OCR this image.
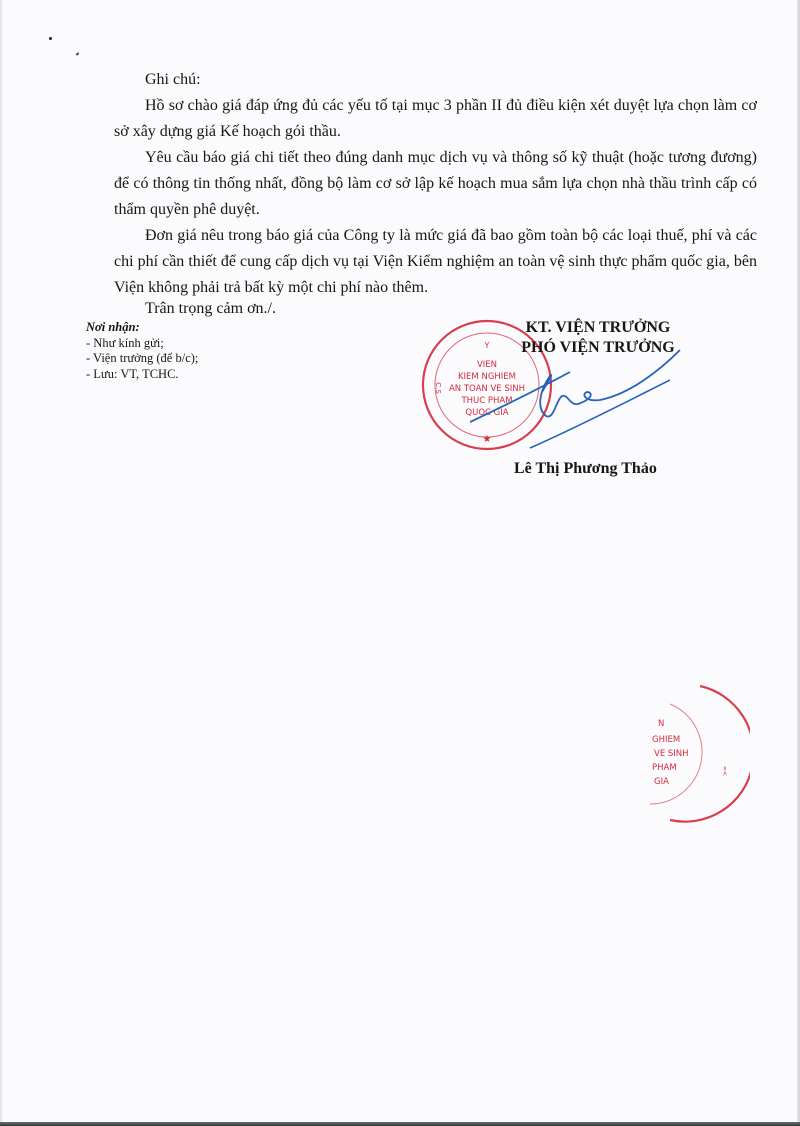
Ghi chú:
Hồ sơ chào giá đáp ứng đủ các yếu tố tại mục 3 phần II đủ điều kiện xét duyệt lựa chọn làm cơ sở xây dựng giá Kế hoạch gói thầu.
Yêu cầu báo giá chi tiết theo đúng danh mục dịch vụ và thông số kỹ thuật (hoặc tương đương) để có thông tin thống nhất, đồng bộ làm cơ sở lập kế hoạch mua sắm lựa chọn nhà thầu trình cấp có thẩm quyền phê duyệt.
Đơn giá nêu trong báo giá của Công ty là mức giá đã bao gồm toàn bộ các loại thuế, phí và các chi phí cần thiết để cung cấp dịch vụ tại Viện Kiểm nghiệm an toàn vệ sinh thực phẩm quốc gia, bên Viện không phải trả bất kỳ một chi phí nào thêm.
Trân trọng cảm ơn./.
Nơi nhận:
- Như kính gửi;
- Viện trưởng (để b/c);
- Lưu: VT, TCHC.
Y
VIEN
KIEM NGHIEM
AN TOAN VE SINH
THUC PHAM
QUOC GIA
C.S
★
KT. VIỆN TRƯỞNG
PHÓ VIỆN TRƯỞNG
Lê Thị Phương Thảo
N
GHIEM
VE SINH
PHAM
GIA
=<
